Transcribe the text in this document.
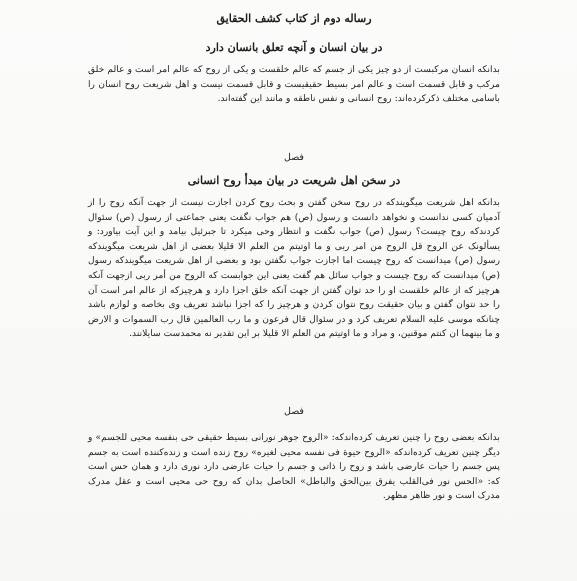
رساله دوم از کتاب کشف الحقایق
در بیان انسان و آنچه تعلق بانسان دارد

بدانکه انسان مرکبست از دو چیز یکی از جسم که عالم خلقست و یکی از روح که عالم امر است و عالم خلق مرکب و قابل قسمت است و عالم امر بسیط حقیقیست و قابل قسمت نیست و اهل شریعت روح انسان را باسامی مختلف ذکرکرده‌اند: روح انسانی و نفس ناطقه و مانند این گفته‌اند.

فصل
در سخن اهل شریعت در بیان مبدأ روح انسانی

بدانکه اهل شریعت میگویندکه در روح سخن گفتن و بحث روح کردن اجازت نیست از جهت آنکه روح را از آدمیان کسی ندانست و نخواهد دانست و رسول (ص) هم جواب نگفت یعنی جماعتی از رسول (ص) سئوال کردندکه روح چیست؟ رسول (ص) جواب نگفت و انتظار وحی میکرد تا جبرئیل بیامد و این آیت بیاورد: و یسألونک عن الروح قل الروح من امر ربی و ما اوتیتم من العلم الا قلیلا بعضی از اهل شریعت میگویندکه رسول (ص) میدانست که روح چیست اما اجازت جواب نگفتن بود و بعضی از اهل شریعت میگویندکه رسول (ص) میدانست که روح چیست و جواب سائل هم گفت یعنی این جوابست که الروح من أمر ربی ازجهت آنکه هرچیز که از عالم خلقست او را حد توان گفتن از جهت آنکه خلق اجزا دارد و هرچیزکه از عالم امر است آن را حد نتوان گفتن و بیان حقیقت روح نتوان کردن و هرچیز را که اجزا نباشد تعریف وی بخاصه و لوازم باشد چنانکه موسی علیه السلام تعریف کرد و در سئوال قال فرعون و ما رب العالمین قال رب السموات و الارض و ما بینهما ان کنتم موقنین، و مراد و ما اوتیتم من العلم الا قلیلا بر این تقدیر نه محمدست سایلانند.

فصل

بدانکه بعضی روح را چنین تعریف کرده‌اندکه: «الروح جوهر نورانی بسیط حقیقی حی بنفسه محیی للجسم» و دیگر چنین تعریف کرده‌اندکه «الروح حیوة فی نفسه محیی لغیره» روح زنده است و زنده‌کننده است به جسم پس جسم را حیات عارضی باشد و روح را ذاتی و جسم را حیات عارضی دارد نوری دارد و همان حس است که: «الحس نور فی‌القلب یفرق بین‌الحق والباطل» الحاصل بدان که روح حی محیی است و عقل مدرک مدرک است و نور ظاهر مظهر.
